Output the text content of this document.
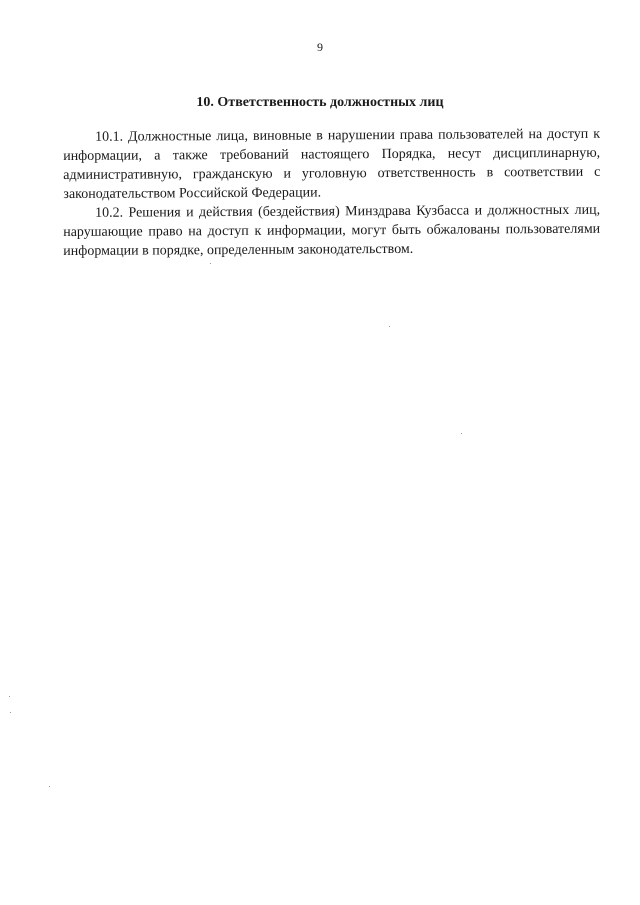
9
10. Ответственность должностных лиц

10.1. Должностные лица, виновные в нарушении права пользователей на доступ к информации, а также требований настоящего Порядка, несут дисциплинарную, административную, гражданскую и уголовную ответственность в соответствии с законодательством Российской Федерации.

10.2. Решения и действия (бездействия) Минздрава Кузбасса и должностных лиц, нарушающие право на доступ к информации, могут быть обжалованы пользователями информации в порядке, определенным законодательством.
